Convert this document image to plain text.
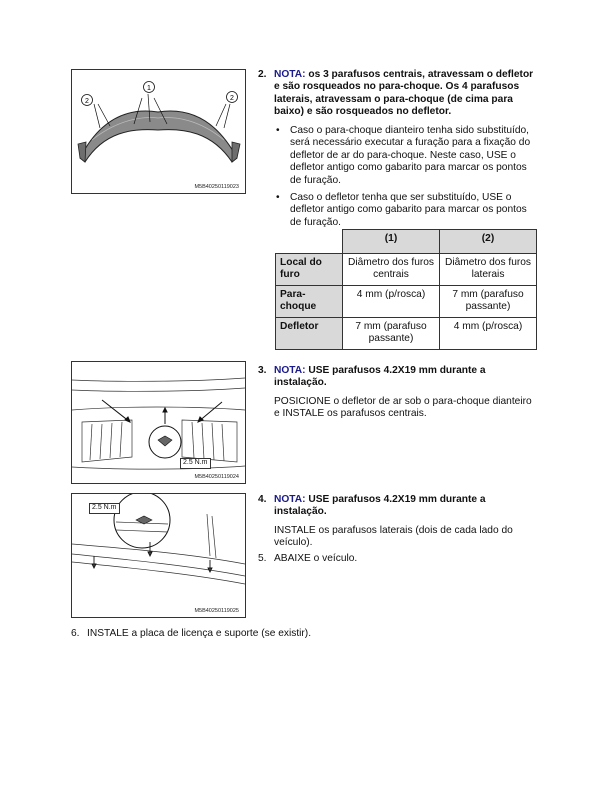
1
2	2
M5B40250119023
2. NOTA: os 3 parafusos centrais, atravessam o defletor e são rosqueados no para-choque. Os 4 parafusos laterais, atravessam o para-choque (de cima para baixo) e são rosqueados no defletor.

• Caso o para-choque dianteiro tenha sido substituído, será necessário executar a furação para a fixação do defletor de ar do para-choque. Neste caso, USE o defletor antigo como gabarito para marcar os pontos de furação.
• Caso o defletor tenha que ser substituído, USE o defletor antigo como gabarito para marcar os pontos de furação.
	(1)	(2)
Local do furo	Diâmetro dos furos centrais	Diâmetro dos furos laterais
Para-choque	4 mm (p/rosca)	7 mm (parafuso passante)
Defletor	7 mm (parafuso passante)	4 mm (p/rosca)
2.5 N.m
M5B40250119024
3. NOTA: USE parafusos 4.2X19 mm durante a instalação.

POSICIONE o defletor de ar sob o para-choque dianteiro e INSTALE os parafusos centrais.

2.5 N.m
M5B40250119025
4. NOTA: USE parafusos 4.2X19 mm durante a instalação.

INSTALE os parafusos laterais (dois de cada lado do veículo).

5. ABAIXE o veículo.

6. INSTALE a placa de licença e suporte (se existir).
